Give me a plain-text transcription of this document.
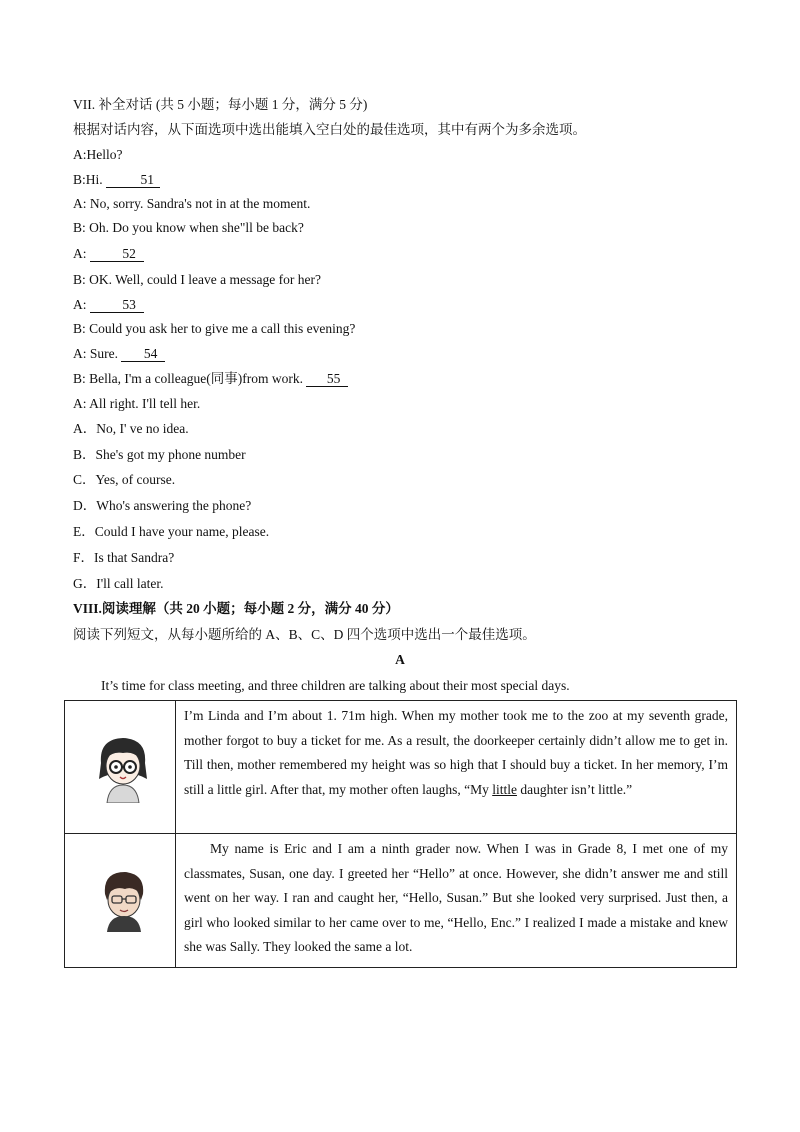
VII. 补全对话 (共 5 小题；每小题 1 分，满分 5 分)
根据对话内容，从下面选项中选出能填入空白处的最佳选项，其中有两个为多余选项。
A:Hello?
B:Hi.	51
A: No, sorry. Sandra's not in at the moment.
B: Oh. Do you know when she"ll be back?
A: 52
B: OK. Well, could I leave a message for her?
A: 53
B: Could you ask her to give me a call this evening?
A: Sure. 54
B: Bella, I'm a colleague(同事)from work. 55
A: All right. I'll tell her.
A．No, I' ve no idea.
B．She's got my phone number
C．Yes, of course.
D．Who's answering the phone?
E．Could I have your name, please.
F．Is that Sandra?
G．I'll call later.
VIII.阅读理解（共 20 小题；每小题 2 分，满分 40 分）
阅读下列短文，从每小题所给的 A、B、C、D 四个选项中选出一个最佳选项。
A
It’s time for class meeting, and three children are talking about their most special days.
	I’m Linda and I’m about 1. 71m high. When my mother took me to the zoo at my seventh grade, mother forgot to buy a ticket for me. As a result, the doorkeeper certainly didn’t allow me to get in. Till then, mother remembered my height was so high that I should buy a ticket. In her memory, I’m still a little girl. After that, my mother often laughs, “My little daughter isn’t little.”

	My name is Eric and I am a ninth grader now. When I was in Grade 8, I met one of my classmates, Susan, one day. I greeted her “Hello” at once. However, she didn’t answer me and still went on her way. I ran and caught her, “Hello, Susan.” But she looked very surprised. Just then, a girl who looked similar to her came over to me, “Hello, Enc.” I realized I made a mistake and knew she was Sally. They looked the same a lot.
